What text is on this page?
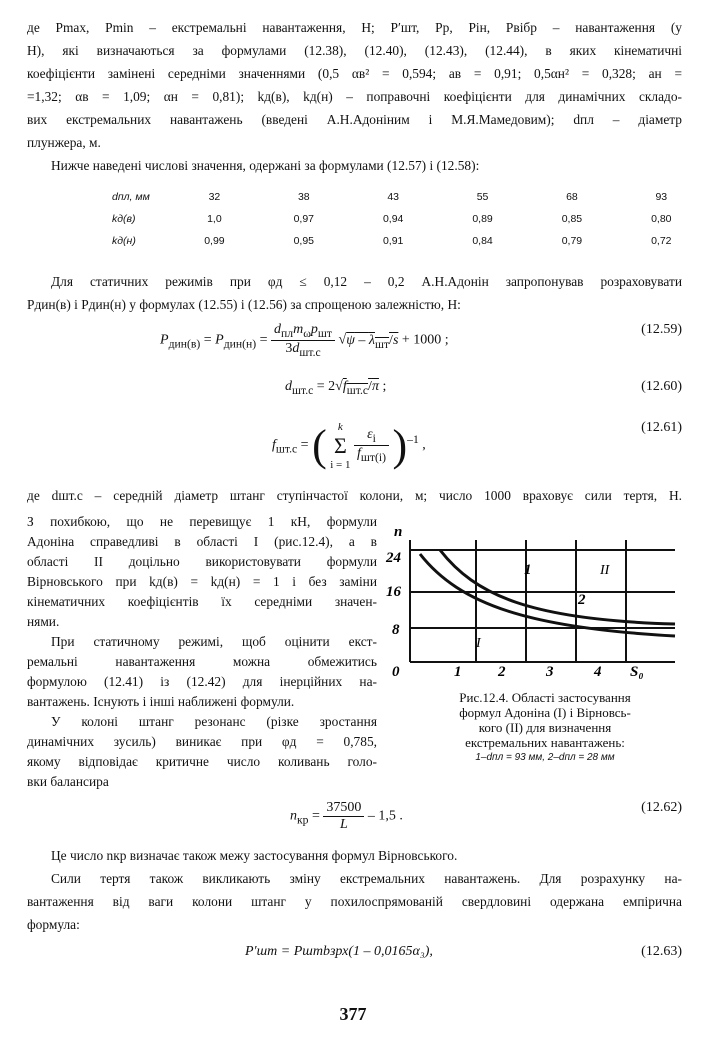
де Pmax, Pmin – екстремальні навантаження, Н; P′шт, Pр, Pін, Pвібр – навантаження (у
Н), які визначаються за формулами (12.38), (12.40), (12.43), (12.44), в яких кінематичні
коефіцієнти замінені середніми значеннями (0,5 αв² = 0,594; aв = 0,91; 0,5αн² = 0,328; aн =
=1,32; αв = 1,09; αн = 0,81); kд(в), kд(н) – поправочні коефіцієнти для динамічних складо-
вих екстремальних навантажень (введені А.Н.Адоніним і М.Я.Мамедовим); dпл – діаметр
плунжера, м.
Нижче наведені числові значення, одержані за формулами (12.57) і (12.58):
dпл, мм	32	38	43	55	68	93
kд(в)	1,0	0,97	0,94	0,89	0,85	0,80
kд(н)	0,99	0,95	0,91	0,84	0,79	0,72
Для статичних режимів при φд ≤ 0,12 – 0,2 А.Н.Адонін запропонував розраховувати
Pдин(в) і Pдин(н) у формулах (12.55) і (12.56) за спрощеною залежністю, Н:
$P_{дин(в)} = P_{дин(н)} = \frac{d_{пл}m_\omega p_{шт}}{3d_{шт.с}} √\psi - \lambda_{шт}/s + 1000$ ;
(12.59)
$d_{шт.с} = 2√f_{шт.с}/\pi$ ;	(12.60)
$f_{шт.с}$ = (	k
Σ
i = 1

$\frac{\varepsilon_i}{f_{шт(i)}} )^{-1}$ ,
(12.61)
де dшт.с – середній діаметр штанг ступінчастої колони, м; число 1000 враховує сили тертя, Н.
З похибкою, що не перевищує 1 кН, формули
Адоніна справедливі в області I (рис.12.4), а в
області II доцільно використовувати формули
Вірновського при kд(в) = kд(н) = 1 і без заміни
кінематичних коефіцієнтів їх середніми значен-
нями.
При статичному режимі, щоб оцінити екст-
ремальні навантаження можна обмежитись
формулою (12.41) із (12.42) для інерційних на-
вантажень. Існують і інші наближені формули.
У колоні штанг резонанс (різке зростання
динамічних зусиль) виникає при φд = 0,785,
якому відповідає критичне число коливань голо-
вки балансира
n
24
16
8
0	1 2	3	4 S₀
1
2
II
I
Рис.12.4. Області застосування
формул Адоніна (І) і Вірновсь-
кого (II) для визначення
екстремальних навантажень:
1–dпл = 93 мм, 2–dпл = 28 мм
$n_{кр} = \frac{37500}{L} - 1,5$ .
(12.62)
Це число nкр визначає також межу застосування формул Вірновського.
Сили тертя також викликають зміну екстремальних навантажень. Для розрахунку на-
вантаження від ваги колони штанг у похилоспрямованій свердловині одержана емпірична
формула:
P′шт = Pштbзрх(1 – 0,0165α₃),	(12.63)
377
